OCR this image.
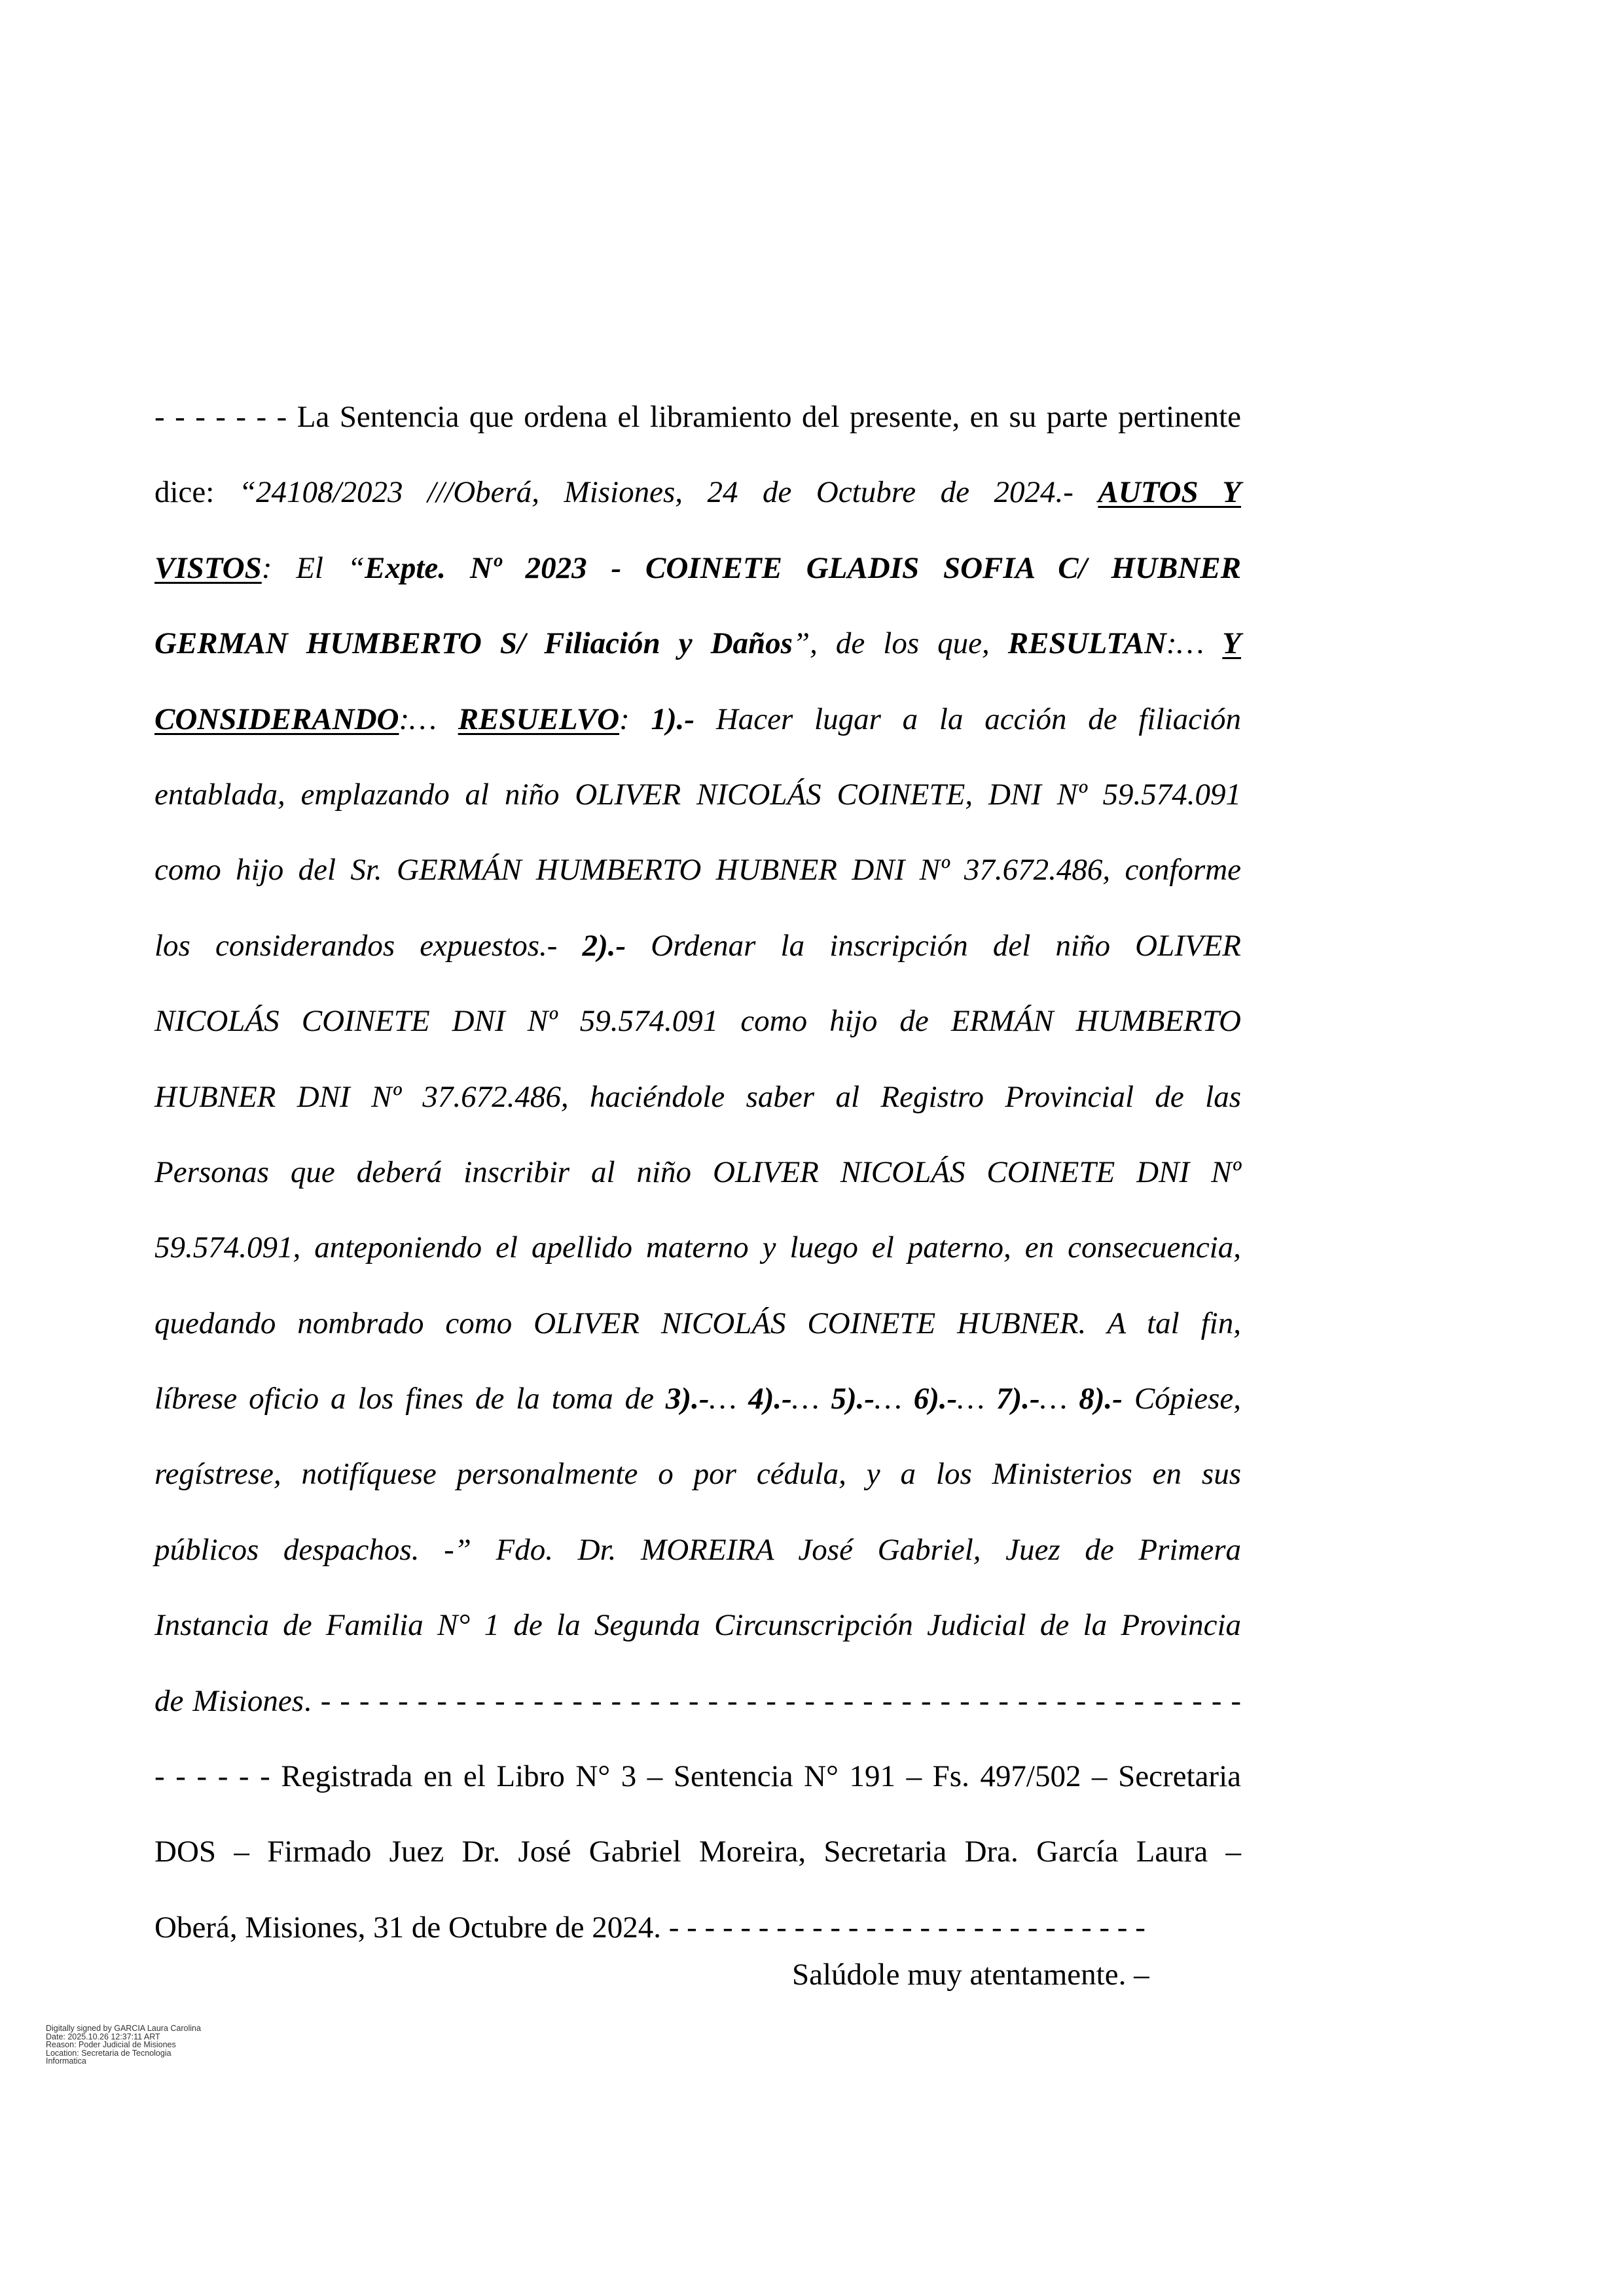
- - - - - - - La Sentencia que ordena el libramiento del presente, en su parte pertinente
dice: “24108/2023 ///Oberá, Misiones, 24 de Octubre de 2024.- AUTOS Y
VISTOS: El “Expte. Nº 2023 - COINETE GLADIS SOFIA C/ HUBNER
GERMAN HUMBERTO S/ Filiación y Daños”, de los que, RESULTAN:… Y
CONSIDERANDO:… RESUELVO: 1).- Hacer lugar a la acción de filiación
entablada, emplazando al niño OLIVER NICOLÁS COINETE, DNI Nº 59.574.091
como hijo del Sr. GERMÁN HUMBERTO HUBNER DNI Nº 37.672.486, conforme
los considerandos expuestos.- 2).- Ordenar la inscripción del niño OLIVER
NICOLÁS COINETE DNI Nº 59.574.091 como hijo de ERMÁN HUMBERTO
HUBNER DNI Nº 37.672.486, haciéndole saber al Registro Provincial de las
Personas que deberá inscribir al niño OLIVER NICOLÁS COINETE DNI Nº
59.574.091, anteponiendo el apellido materno y luego el paterno, en consecuencia,
quedando nombrado como OLIVER NICOLÁS COINETE HUBNER. A tal fin,
líbrese oficio a los fines de la toma de 3).-… 4).-… 5).-… 6).-… 7).-… 8).- Cópiese,
regístrese, notifíquese personalmente o por cédula, y a los Ministerios en sus
públicos despachos. -” Fdo. Dr. MOREIRA José Gabriel, Juez de Primera
Instancia de Familia N° 1 de la Segunda Circunscripción Judicial de la Provincia
de Misiones. - - - - - - - - - - - - - - - - - - - - - - - - - - - - - - - - - - - - - - - - - - - - - - - -
- - - - - - Registrada en el Libro N° 3 – Sentencia N° 191 – Fs. 497/502 – Secretaria
DOS – Firmado Juez Dr. José Gabriel Moreira, Secretaria Dra. García Laura –
Oberá, Misiones, 31 de Octubre de 2024. - - - - - - - - - - - - - - - - - - - - - - - - - - -
Salúdole muy atentamente. –
Digitally signed by GARCIA Laura Carolina
Date: 2025.10.26 12:37:11 ART
Reason: Poder Judicial de Misiones
Location: Secretaria de Tecnologia
Informatica
